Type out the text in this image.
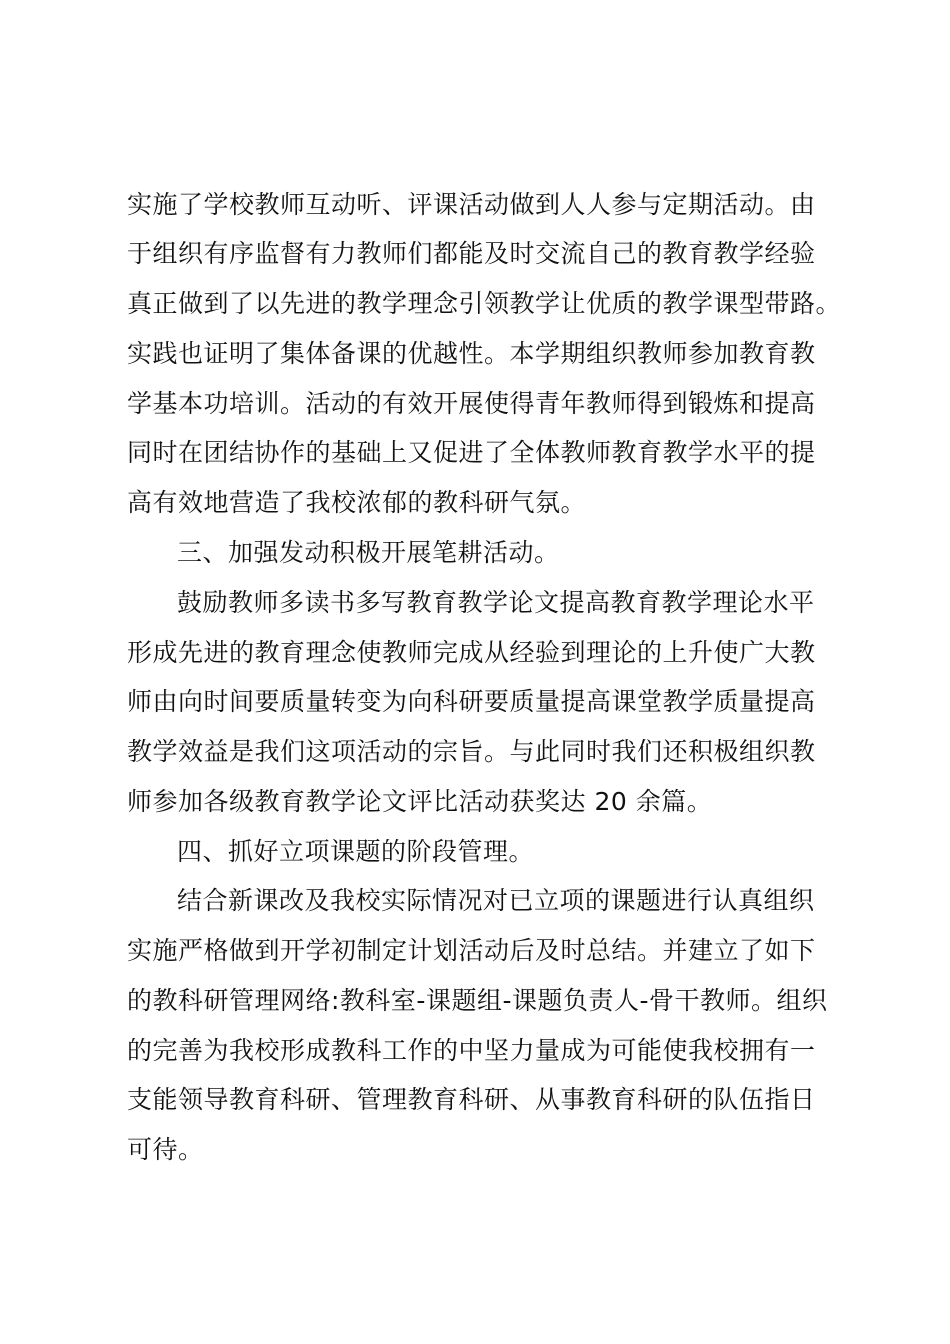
实施了学校教师互动听、评课活动做到人人参与定期活动。由
于组织有序监督有力教师们都能及时交流自己的教育教学经验
真正做到了以先进的教学理念引领教学让优质的教学课型带路。
实践也证明了集体备课的优越性。本学期组织教师参加教育教
学基本功培训。活动的有效开展使得青年教师得到锻炼和提高
同时在团结协作的基础上又促进了全体教师教育教学水平的提
高有效地营造了我校浓郁的教科研气氛。
三、加强发动积极开展笔耕活动。
鼓励教师多读书多写教育教学论文提高教育教学理论水平
形成先进的教育理念使教师完成从经验到理论的上升使广大教
师由向时间要质量转变为向科研要质量提高课堂教学质量提高
教学效益是我们这项活动的宗旨。与此同时我们还积极组织教
师参加各级教育教学论文评比活动获奖达 20 余篇。
四、抓好立项课题的阶段管理。
结合新课改及我校实际情况对已立项的课题进行认真组织
实施严格做到开学初制定计划活动后及时总结。并建立了如下
的教科研管理网络:教科室-课题组-课题负责人-骨干教师。组织
的完善为我校形成教科工作的中坚力量成为可能使我校拥有一
支能领导教育科研、管理教育科研、从事教育科研的队伍指日
可待。
